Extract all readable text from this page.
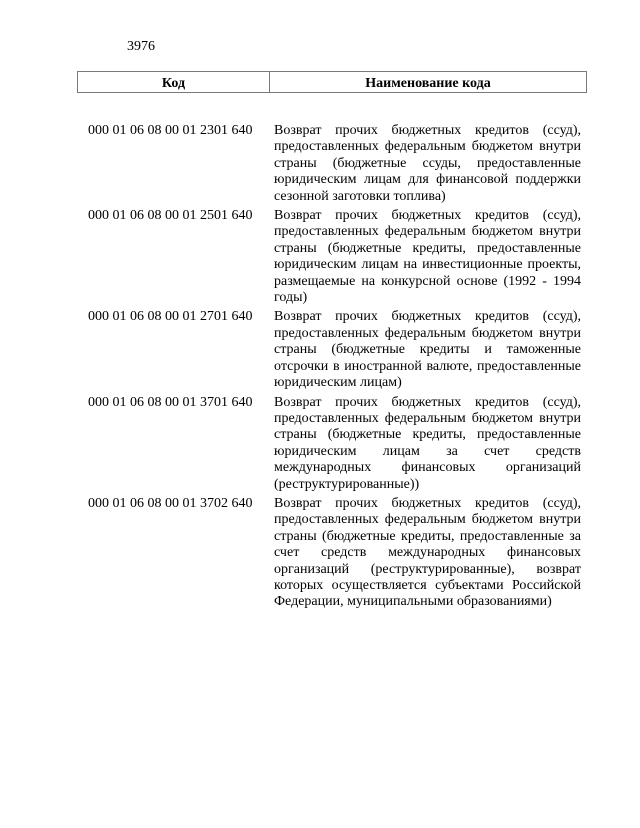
3976
Код	Наименование кода
000 01 06 08 00 01 2301 640	Возврат прочих бюджетных кредитов (ссуд), предоставленных федеральным бюджетом внутри страны (бюджетные ссуды, предоставленные юридическим лицам для финансовой поддержки сезонной заготовки топлива)
000 01 06 08 00 01 2501 640	Возврат прочих бюджетных кредитов (ссуд), предоставленных федеральным бюджетом внутри страны (бюджетные кредиты, предоставленные юридическим лицам на инвестиционные проекты, размещаемые на конкурсной основе (1992 - 1994 годы)
000 01 06 08 00 01 2701 640	Возврат прочих бюджетных кредитов (ссуд), предоставленных федеральным бюджетом внутри страны (бюджетные кредиты и таможенные отсрочки в иностранной валюте, предоставленные юридическим лицам)
000 01 06 08 00 01 3701 640	Возврат прочих бюджетных кредитов (ссуд), предоставленных федеральным бюджетом внутри страны (бюджетные кредиты, предоставленные юридическим лицам за счет средств международных финансовых организаций (реструктурированные))
000 01 06 08 00 01 3702 640	Возврат прочих бюджетных кредитов (ссуд), предоставленных федеральным бюджетом внутри страны (бюджетные кредиты, предоставленные за счет средств международных финансовых организаций (реструктурированные), возврат которых осуществляется субъектами Российской Федерации, муниципальными образованиями)
